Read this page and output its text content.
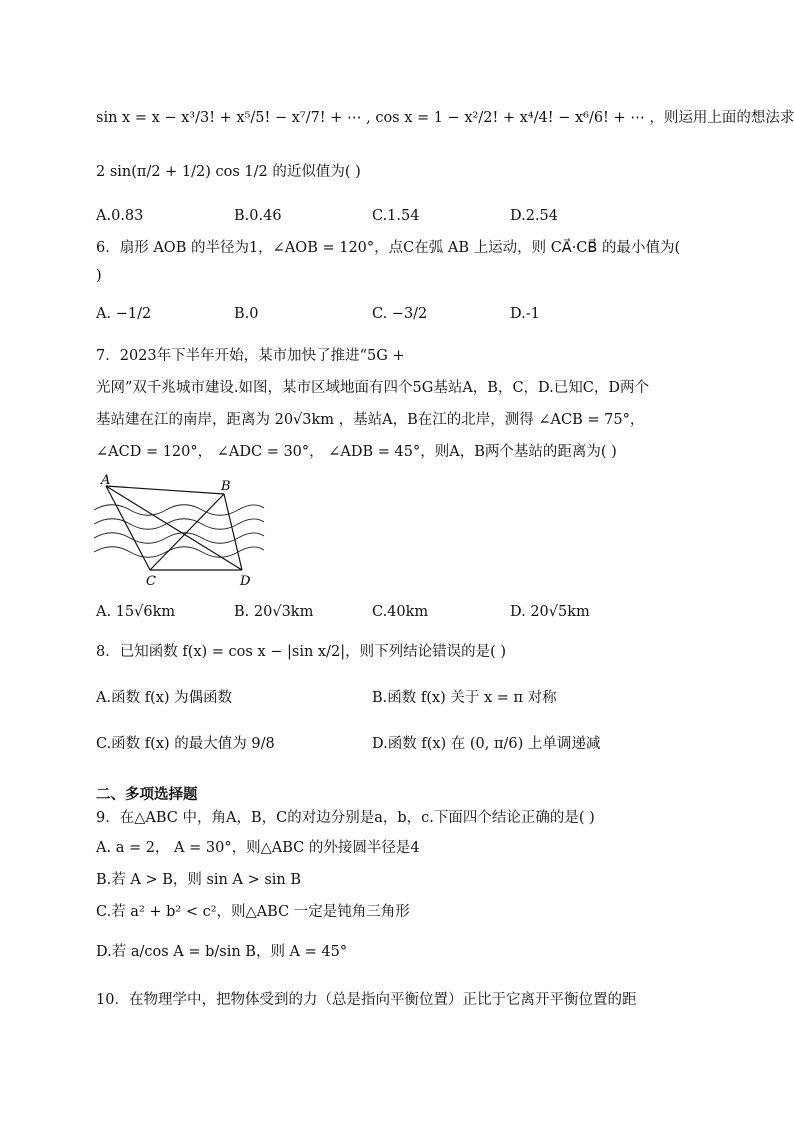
sin x = x − x³/3! + x⁵/5! − x⁷/7! + ⋯ , cos x = 1 − x²/2! + x⁴/4! − x⁶/6! + ⋯ ，则运用上面的想法求
2 sin(π/2 + 1/2) cos 1/2 的近似值为( )
A.0.83	B.0.46	C.1.54	D.2.54
6．扇形 AOB 的半径为1，∠AOB = 120°，点C在弧 AB 上运动，则 CA⃗·CB⃗ 的最小值为(
)
A. −1/2	B.0	C. −3/2	D.-1
7．2023年下半年开始，某市加快了推进“5G +
光网”双千兆城市建设.如图，某市区域地面有四个5G基站A，B，C，D.已知C，D两个
基站建在江的南岸，距离为 20√3km ，基站A，B在江的北岸，测得 ∠ACB = 75°，
∠ACD = 120°， ∠ADC = 30°， ∠ADB = 45°，则A，B两个基站的距离为( )
A	B
C	D
A. 15√6km	B. 20√3km	C.40km	D. 20√5km
8．已知函数 f(x) = cos x − |sin x/2|，则下列结论错误的是( )
A.函数 f(x) 为偶函数	B.函数 f(x) 关于 x = π 对称
C.函数 f(x) 的最大值为 9/8	D.函数 f(x) 在 (0, π/6) 上单调递减
二、多项选择题
9．在△ABC 中，角A，B，C的对边分别是a，b，c.下面四个结论正确的是( )
A. a = 2， A = 30°，则△ABC 的外接圆半径是4
B.若 A > B，则 sin A > sin B
C.若 a² + b² < c²，则△ABC 一定是钝角三角形
D.若 a/cos A = b/sin B，则 A = 45°
10．在物理学中，把物体受到的力（总是指向平衡位置）正比于它离开平衡位置的距
